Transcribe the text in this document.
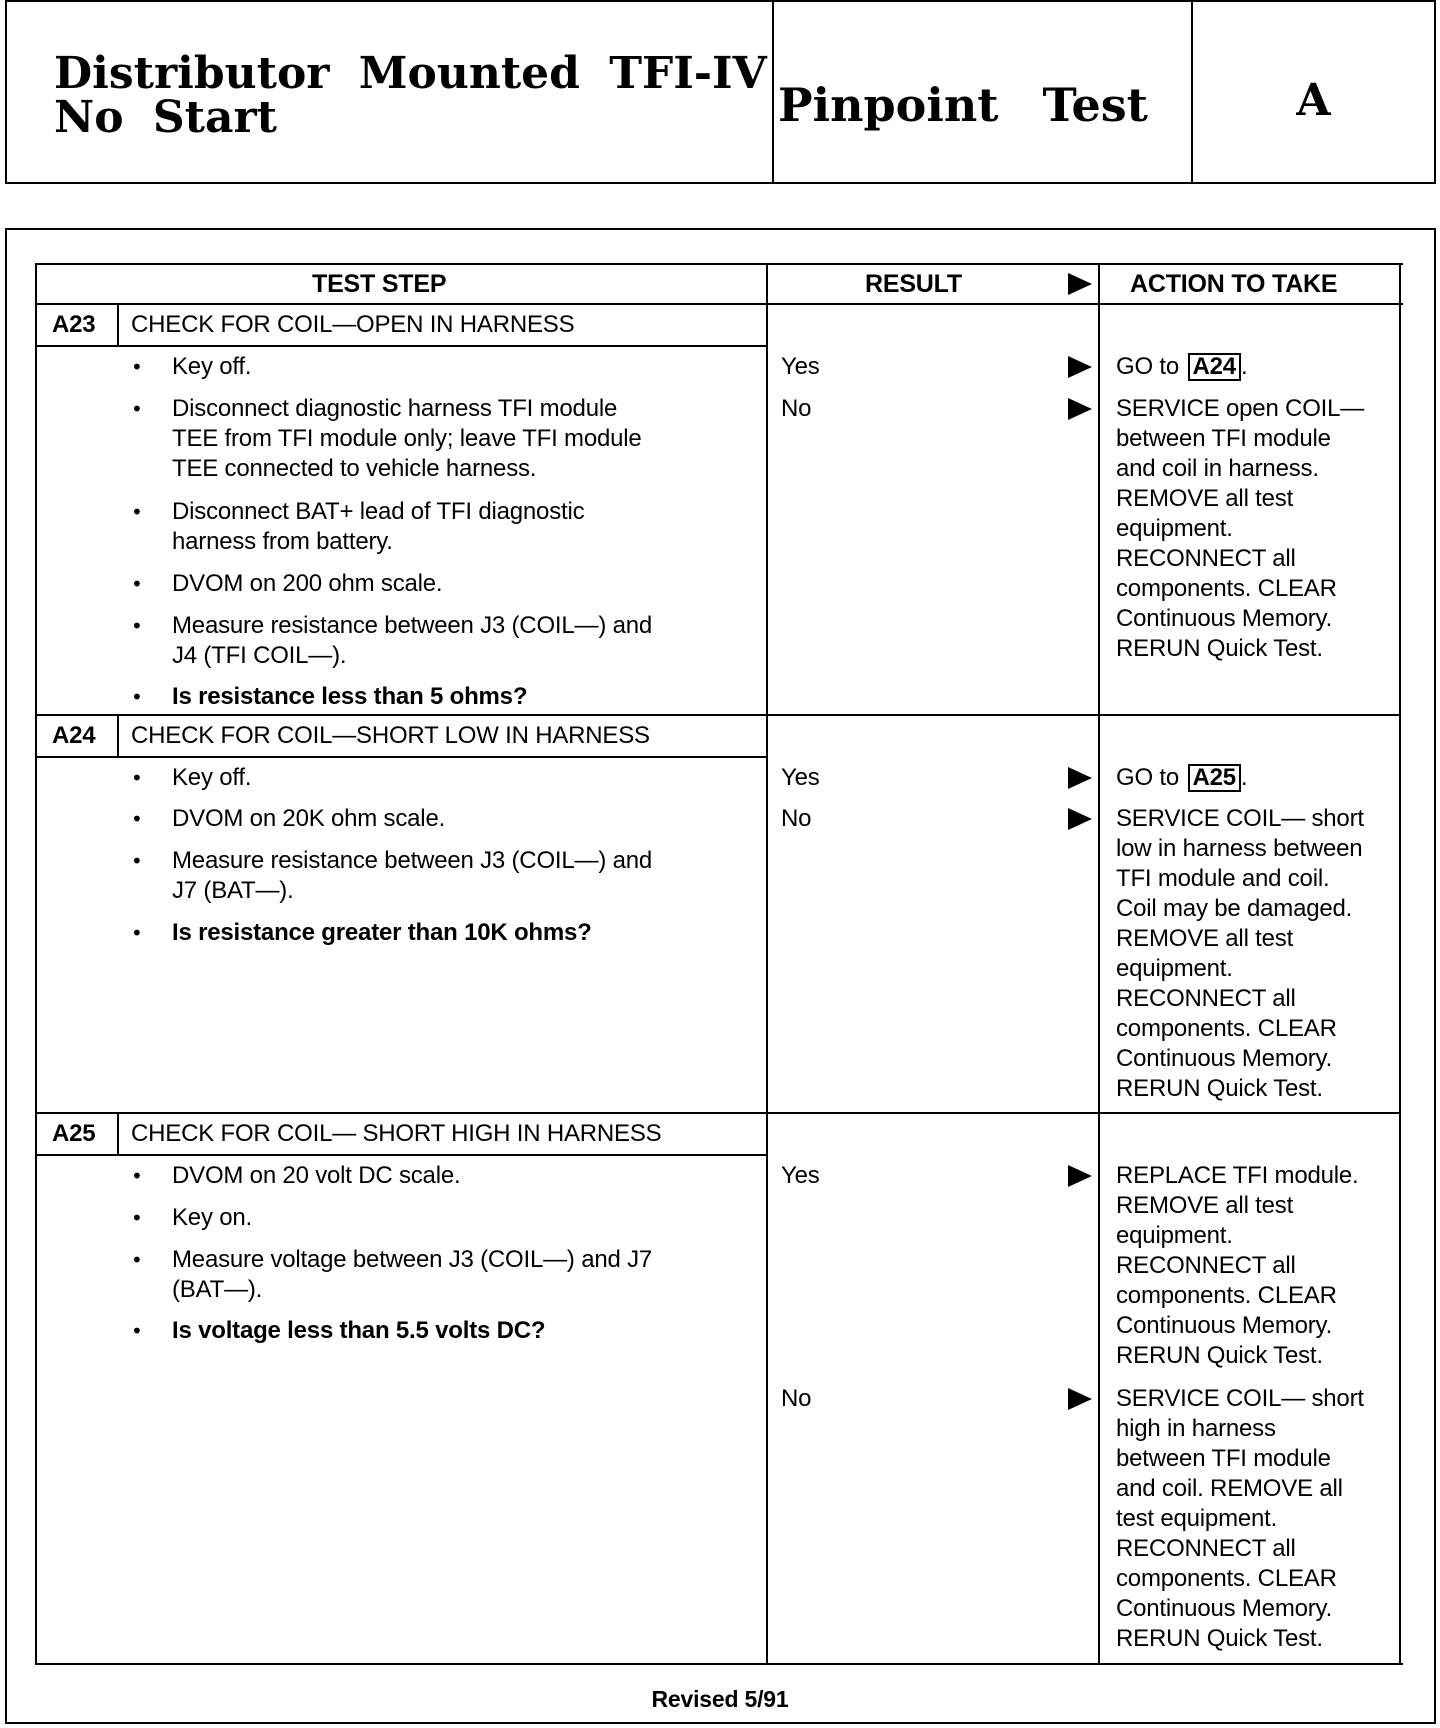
Distributor Mounted TFI-IV
No Start	Pinpoint Test	A
TEST STEP	RESULT	ACTION TO TAKE
A23 CHECK FOR COIL—OPEN IN HARNESS
• Key off.
• Disconnect diagnostic harness TFI module
TEE from TFI module only; leave TFI module
TEE connected to vehicle harness.
• Disconnect BAT+ lead of TFI diagnostic
harness from battery.
• DVOM on 200 ohm scale.
• Measure resistance between J3 (COIL—) and
J4 (TFI COIL—).
• Is resistance less than 5 ohms?
Yes	GO to A24 .
No	SERVICE open COIL—
between TFI module
and coil in harness.
REMOVE all test
equipment.
RECONNECT all
components. CLEAR
Continuous Memory.
RERUN Quick Test.
A24 CHECK FOR COIL—SHORT LOW IN HARNESS
• Key off.
• DVOM on 20K ohm scale.
• Measure resistance between J3 (COIL—) and
J7 (BAT—).
• Is resistance greater than 10K ohms?
Yes	GO to A25 .
No	SERVICE COIL— short
low in harness between
TFI module and coil.
Coil may be damaged.
REMOVE all test
equipment.
RECONNECT all
components. CLEAR
Continuous Memory.
RERUN Quick Test.
A25 CHECK FOR COIL— SHORT HIGH IN HARNESS
• DVOM on 20 volt DC scale.
• Key on.
• Measure voltage between J3 (COIL—) and J7
(BAT—).
• Is voltage less than 5.5 volts DC?
Yes	REPLACE TFI module.
REMOVE all test
equipment.
RECONNECT all
components. CLEAR
Continuous Memory.
RERUN Quick Test.
No	SERVICE COIL— short
high in harness
between TFI module
and coil. REMOVE all
test equipment.
RECONNECT all
components. CLEAR
Continuous Memory.
RERUN Quick Test.
Revised 5/91
